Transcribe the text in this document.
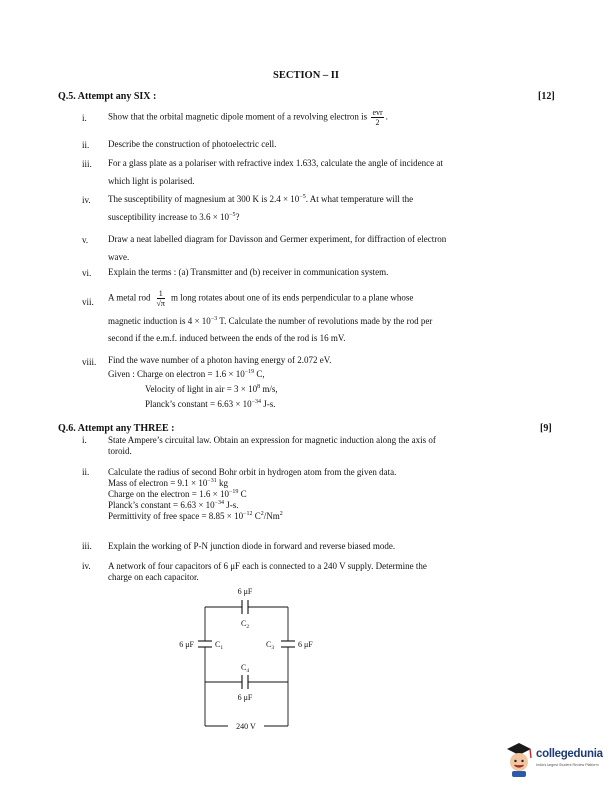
SECTION – II
Q.5. Attempt any SIX :	[12]
i. Show that the orbital magnetic dipole moment of a revolving electron is $\frac{\text{evr}}{2}$ .
ii. Describe the construction of photoelectric cell.
iii. For a glass plate as a polariser with refractive index 1.633, calculate the angle of incidence at
which light is polarised.
iv. The susceptibility of magnesium at 300 K is $2.4 \times 10^{-5}$. At what temperature will the
susceptibility increase to $3.6 \times 10^{-5}$?
v. Draw a neat labelled diagram for Davisson and Germer experiment, for diffraction of electron
wave.
vi. Explain the terms : (a) Transmitter and (b) receiver in communication system.
vii. A metal rod $\frac{1}{√\pi}$ m long rotates about one of its ends perpendicular to a plane whose
magnetic induction is $4 \times 10^{-3}$ T. Calculate the number of revolutions made by the rod per
second if the e.m.f. induced between the ends of the rod is 16 mV.
viii. Find the wave number of a photon having energy of 2.072 eV.
Given : Charge on electron = $1.6 \times 10^{-19}$ C,
Velocity of light in air = $3 \times 10^8$ m/s,
Planck’s constant = $6.63 \times 10^{-34}$ J-s.
Q.6. Attempt any THREE :	[9]
i. State Ampere’s circuital law. Obtain an expression for magnetic induction along the axis of
toroid.
ii. Calculate the radius of second Bohr orbit in hydrogen atom from the given data.
Mass of electron = $9.1 \times 10^{-31}$ kg
Charge on the electron = $1.6 \times 10^{-19}$ C
Planck’s constant = $6.63 \times 10^{-34}$ J-s.
Permittivity of free space = $8.85 \times 10^{-12}$ $C^2/Nm^2$
iii. Explain the working of P-N junction diode in forward and reverse biased mode.
iv. A network of four capacitors of 6 μF each is connected to a 240 V supply. Determine the
charge on each capacitor.
6 μF
$C_2$
6 μF	$C_1$	$C_3$	6 μF
$C_4$
6 μF
240 V
collegedunia
India's largest Student Review Platform
